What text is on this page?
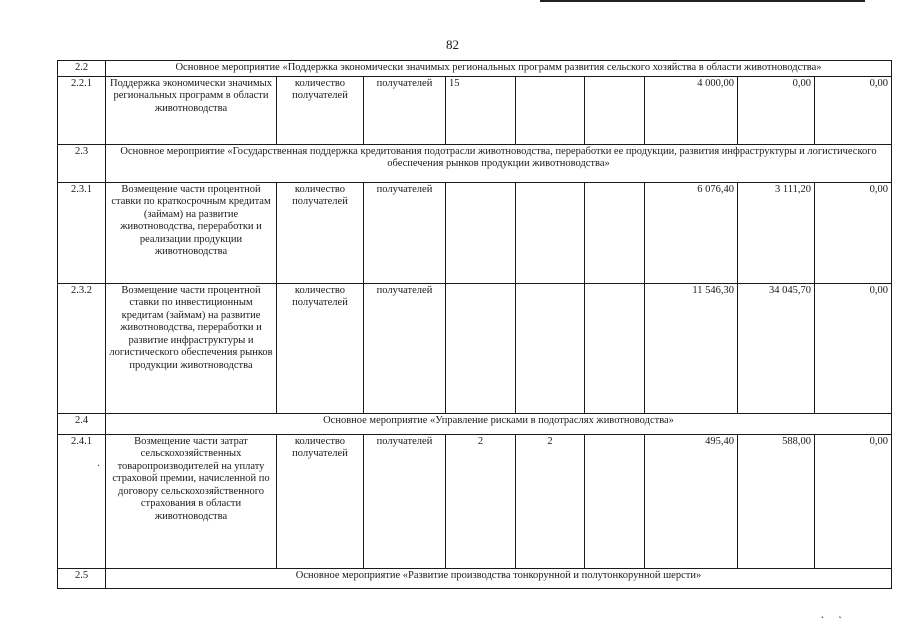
82
2.2	Основное мероприятие «Поддержка экономически значимых региональных программ развития сельского хозяйства в области животноводства»								
2.2.1	Поддержка экономически значимых региональных программ в области животноводства	количество получателей	получателей	15			4 000,00	0,00	0,00
2.3	Основное мероприятие «Государственная поддержка кредитования подотрасли животноводства, переработки ее продукции, развития инфраструктуры и логистического обеспечения рынков продукции животноводства»								
2.3.1	Возмещение части процентной ставки по краткосрочным кредитам (займам) на развитие животноводства, переработки и реализации продукции животноводства	количество получателей	получателей				6 076,40	3 111,20	0,00
2.3.2	Возмещение части процентной ставки по инвестиционным кредитам (займам) на развитие животноводства, переработки и развитие инфраструктуры и логистического обеспечения рынков продукции животноводства	количество получателей	получателей				11 546,30	34 045,70	0,00
2.4	Основное мероприятие «Управление рисками в подотраслях животноводства»								
2.4.1	Возмещение части затрат сельскохозяйственных товаропроизводителей на уплату страховой премии, начисленной по договору сельскохозяйственного страхования в области животноводства	количество получателей	получателей	2	2		495,40	588,00	0,00
2.5	Основное мероприятие «Развитие производства тонкорунной и полутонкорунной шерсти»								
·
˛    ˛
